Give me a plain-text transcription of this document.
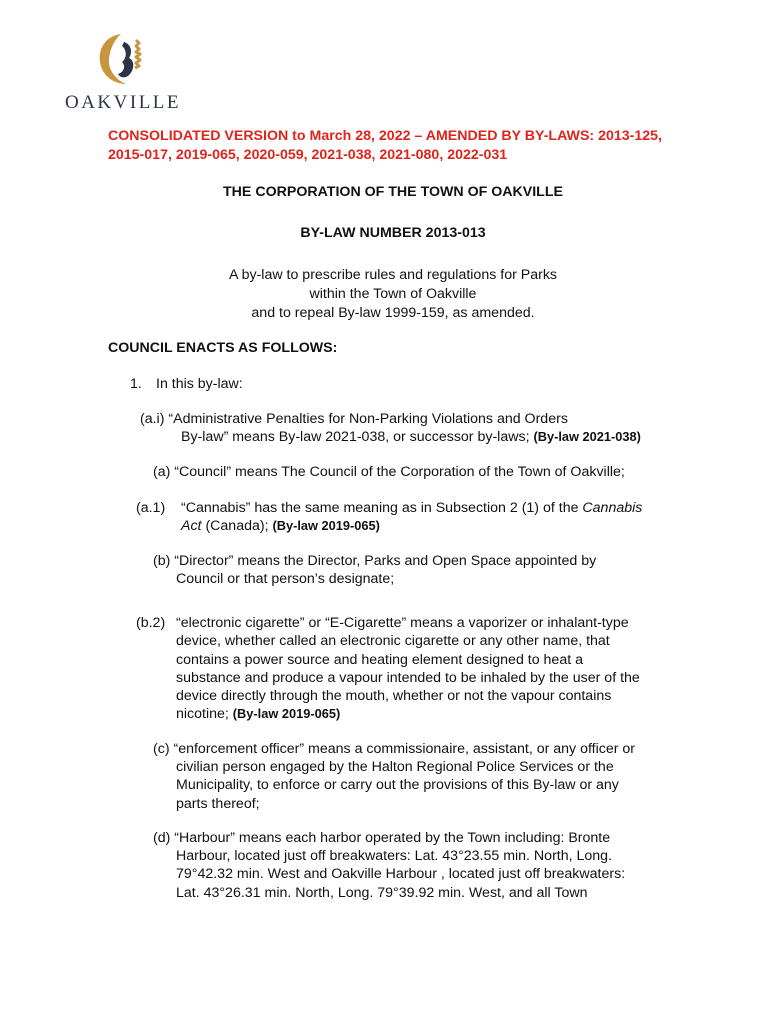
OAKVILLE
CONSOLIDATED VERSION to March 28, 2022 – AMENDED BY BY-LAWS: 2013-125, 2015-017, 2019-065, 2020-059, 2021-038, 2021-080, 2022-031
THE CORPORATION OF THE TOWN OF OAKVILLE
BY-LAW NUMBER 2013-013
A by-law to prescribe rules and regulations for Parks
within the Town of Oakville
and to repeal By-law 1999-159, as amended.
COUNCIL ENACTS AS FOLLOWS:
1. In this by-law:
(a.i) “Administrative Penalties for Non-Parking Violations and Orders
By-law” means By-law 2021-038, or successor by-laws; (By-law 2021-038)
(a) “Council” means The Council of the Corporation of the Town of Oakville;
(a.1) “Cannabis” has the same meaning as in Subsection 2 (1) of the Cannabis
Act (Canada); (By-law 2019-065)
(b) “Director” means the Director, Parks and Open Space appointed by
Council or that person’s designate;
(b.2) “electronic cigarette” or “E-Cigarette” means a vaporizer or inhalant-type
device, whether called an electronic cigarette or any other name, that
contains a power source and heating element designed to heat a
substance and produce a vapour intended to be inhaled by the user of the
device directly through the mouth, whether or not the vapour contains
nicotine; (By-law 2019-065)
(c) “enforcement officer” means a commissionaire, assistant, or any officer or
civilian person engaged by the Halton Regional Police Services or the
Municipality, to enforce or carry out the provisions of this By-law or any
parts thereof;
(d) “Harbour” means each harbor operated by the Town including: Bronte
Harbour, located just off breakwaters: Lat. 43°23.55 min. North, Long.
79°42.32 min. West and Oakville Harbour , located just off breakwaters:
Lat. 43°26.31 min. North, Long. 79°39.92 min. West, and all Town
